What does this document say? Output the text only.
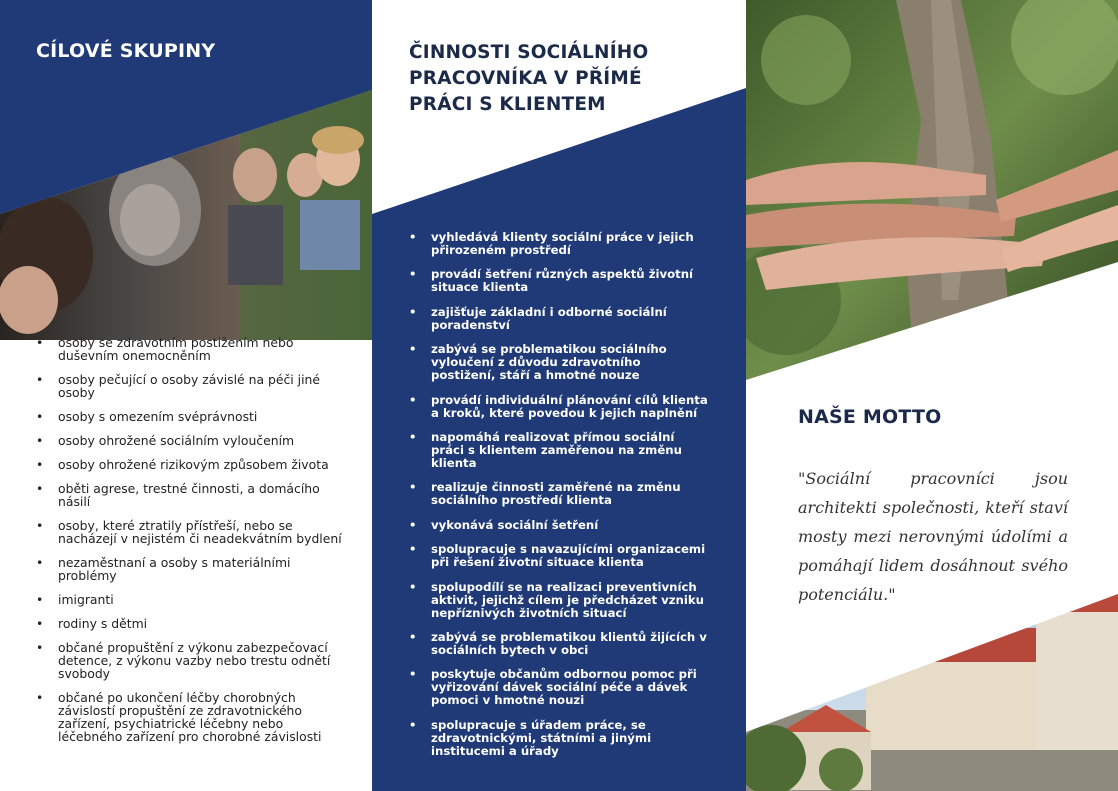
CÍLOVÉ SKUPINY
• osoby se zdravotním postižením nebo duševním onemocněním
• osoby pečující o osoby závislé na péči jiné osoby
• osoby s omezením svéprávnosti
• osoby ohrožené sociálním vyloučením
• osoby ohrožené rizikovým způsobem života
• oběti agrese, trestné činnosti, a domácího násilí
• osoby, které ztratily přístřeší, nebo se nacházejí v nejistém či neadekvátním bydlení
• nezaměstnaní a osoby s materiálními problémy
• imigranti
• rodiny s dětmi
• občané propuštění z výkonu zabezpečovací detence, z výkonu vazby nebo trestu odnětí svobody
• občané po ukončení léčby chorobných závislostí propuštění ze zdravotnického zařízení, psychiatrické léčebny nebo léčebného zařízení pro chorobné závislosti
ČINNOSTI SOCIÁLNÍHO PRACOVNÍKA V PŘÍMÉ PRÁCI S KLIENTEM
• vyhledává klienty sociální práce v jejich přirozeném prostředí
• provádí šetření různých aspektů životní situace klienta
• zajišťuje základní i odborné sociální poradenství
• zabývá se problematikou sociálního vyloučení z důvodu zdravotního postižení, stáří a hmotné nouze
• provádí individuální plánování cílů klienta a kroků, které povedou k jejich naplnění
• napomáhá realizovat přímou sociální práci s klientem zaměřenou na změnu klienta
• realizuje činnosti zaměřené na změnu sociálního prostředí klienta
• vykonává sociální šetření
• spolupracuje s navazujícími organizacemi při řešení životní situace klienta
• spolupodílí se na realizaci preventivních aktivit, jejichž cílem je předcházet vzniku nepříznivých životních situací
• zabývá se problematikou klientů žijících v sociálních bytech v obci
• poskytuje občanům odbornou pomoc při vyřizování dávek sociální péče a dávek pomoci v hmotné nouzi
• spolupracuje s úřadem práce, se zdravotnickými, státními a jinými institucemi a úřady
NAŠE MOTTO

"Sociální pracovníci jsou architekti společnosti, kteří staví mosty mezi nerovnými údolími a pomáhají lidem dosáhnout svého potenciálu."
